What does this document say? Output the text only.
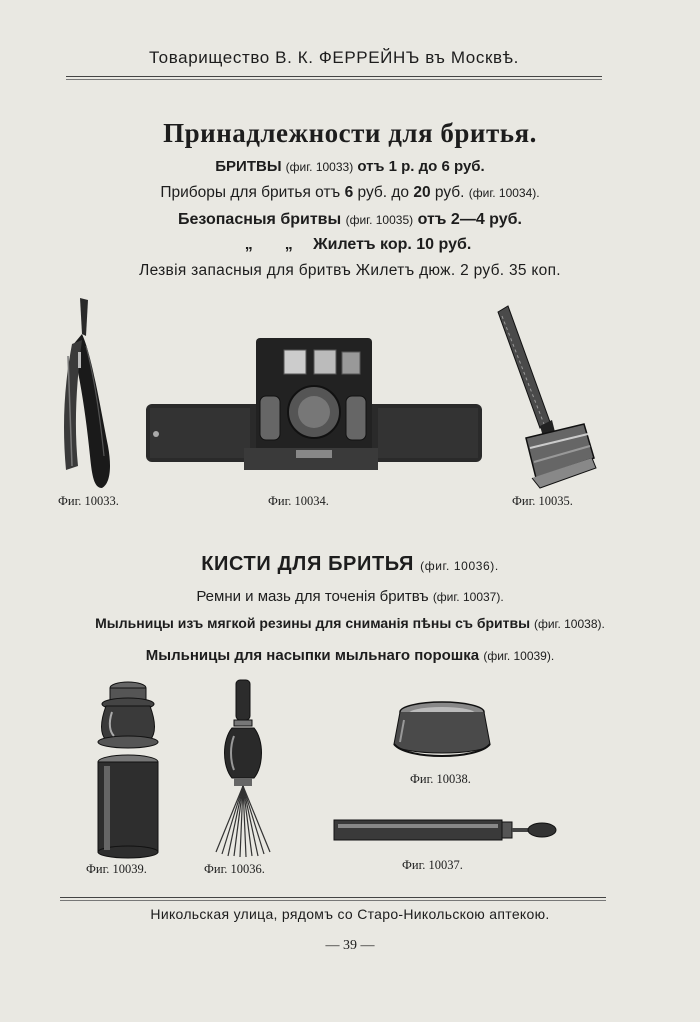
Товарищество В. К. ФЕРРЕЙНЪ въ Москвѣ.
Принадлежности для бритья.
БРИТВЫ (фиг. 10033) отъ 1 р. до 6 руб.
Приборы для бритья отъ 6 руб. до 20 руб. (фиг. 10034).
Безопасныя бритвы (фиг. 10035) отъ 2—4 руб.
„ „ Жилетъ кор. 10 руб.
Лезвія запасныя для бритвъ Жилетъ дюж. 2 руб. 35 коп.
Фиг. 10033.	Фиг. 10034.	Фиг. 10035.
КИСТИ ДЛЯ БРИТЬЯ (фиг. 10036).
Ремни и мазь для точенія бритвъ (фиг. 10037).
Мыльницы изъ мягкой резины для сниманія пѣны съ бритвы (фиг. 10038).
Мыльницы для насыпки мыльнаго порошка (фиг. 10039).
Фиг. 10039.	Фиг. 10036.
Фиг. 10038.
Фиг. 10037.
Никольская улица, рядомъ со Старо-Никольскою аптекою.
— 39 —
